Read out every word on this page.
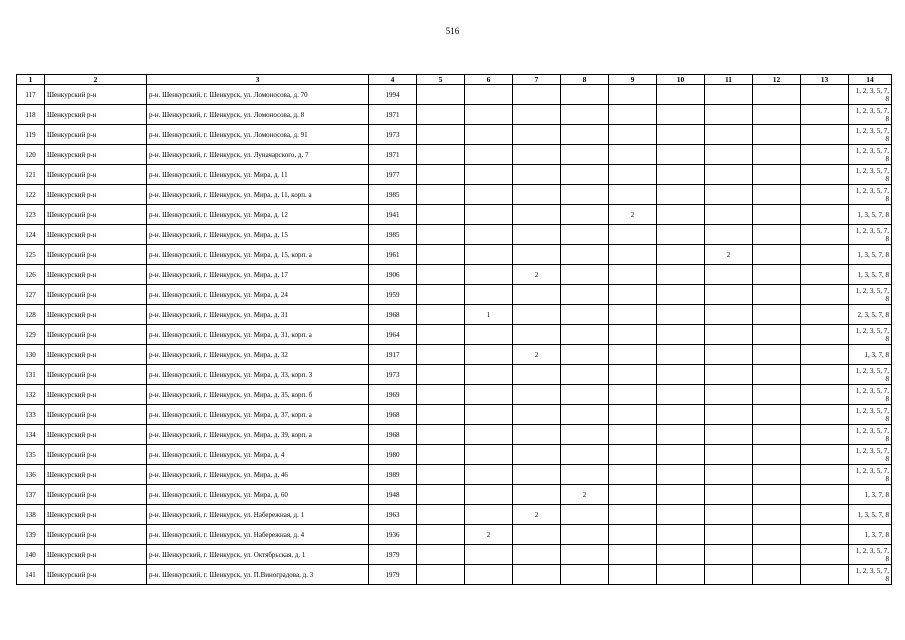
516
1	2	3	4	5	6	7	8	9	10	11	12	13	14
117	Шенкурский р-н	р-н. Шенкурский, г. Шенкурск, ул. Ломоносова, д. 70	1994										1, 2, 3, 5, 7, 8
118	Шенкурский р-н	р-н. Шенкурский, г. Шенкурск, ул. Ломоносова, д. 8	1971										1, 2, 3, 5, 7, 8
119	Шенкурский р-н	р-н. Шенкурский, г. Шенкурск, ул. Ломоносова, д. 91	1973										1, 2, 3, 5, 7, 8
120	Шенкурский р-н	р-н. Шенкурский, г. Шенкурск, ул. Луначарского, д. 7	1971										1, 2, 3, 5, 7, 8
121	Шенкурский р-н	р-н. Шенкурский, г. Шенкурск, ул. Мира, д. 11	1977										1, 2, 3, 5, 7, 8
122	Шенкурский р-н	р-н. Шенкурский, г. Шенкурск, ул. Мира, д. 11, корп. а	1985										1, 2, 3, 5, 7, 8
123	Шенкурский р-н	р-н. Шенкурский, г. Шенкурск, ул. Мира, д. 12	1941					2					1, 3, 5, 7, 8
124	Шенкурский р-н	р-н. Шенкурский, г. Шенкурск, ул. Мира, д. 15	1985										1, 2, 3, 5, 7, 8
125	Шенкурский р-н	р-н. Шенкурский, г. Шенкурск, ул. Мира, д. 15, корп. а	1961							2			1, 3, 5, 7, 8
126	Шенкурский р-н	р-н. Шенкурский, г. Шенкурск, ул. Мира, д. 17	1906			2							1, 3, 5, 7, 8
127	Шенкурский р-н	р-н. Шенкурский, г. Шенкурск, ул. Мира, д. 24	1959										1, 2, 3, 5, 7, 8
128	Шенкурский р-н	р-н. Шенкурский, г. Шенкурск, ул. Мира, д. 31	1968		1								2, 3, 5, 7, 8
129	Шенкурский р-н	р-н. Шенкурский, г. Шенкурск, ул. Мира, д. 31, корп. а	1964										1, 2, 3, 5, 7, 8
130	Шенкурский р-н	р-н. Шенкурский, г. Шенкурск, ул. Мира, д. 32	1917			2							1, 3, 7, 8
131	Шенкурский р-н	р-н. Шенкурский, г. Шенкурск, ул. Мира, д. 33, корп. 3	1973										1, 2, 3, 5, 7, 8
132	Шенкурский р-н	р-н. Шенкурский, г. Шенкурск, ул. Мира, д. 35, корп. б	1969										1, 2, 3, 5, 7, 8
133	Шенкурский р-н	р-н. Шенкурский, г. Шенкурск, ул. Мира, д. 37, корп. а	1968										1, 2, 3, 5, 7, 8
134	Шенкурский р-н	р-н. Шенкурский, г. Шенкурск, ул. Мира, д. 39, корп. а	1968										1, 2, 3, 5, 7, 8
135	Шенкурский р-н	р-н. Шенкурский, г. Шенкурск, ул. Мира, д. 4	1980										1, 2, 3, 5, 7, 8
136	Шенкурский р-н	р-н. Шенкурский, г. Шенкурск, ул. Мира, д. 46	1989										1, 2, 3, 5, 7, 8
137	Шенкурский р-н	р-н. Шенкурский, г. Шенкурск, ул. Мира, д. 60	1948				2						1, 3, 7, 8
138	Шенкурский р-н	р-н. Шенкурский, г. Шенкурск, ул. Набережная, д. 1	1963			2							1, 3, 5, 7, 8
139	Шенкурский р-н	р-н. Шенкурский, г. Шенкурск, ул. Набережная, д. 4	1936		2								1, 3, 7, 8
140	Шенкурский р-н	р-н. Шенкурский, г. Шенкурск, ул. Октябрьская, д. 1	1979										1, 2, 3, 5, 7, 8
141	Шенкурский р-н	р-н. Шенкурский, г. Шенкурск, ул. П.Виноградова, д. 3	1979										1, 2, 3, 5, 7, 8
